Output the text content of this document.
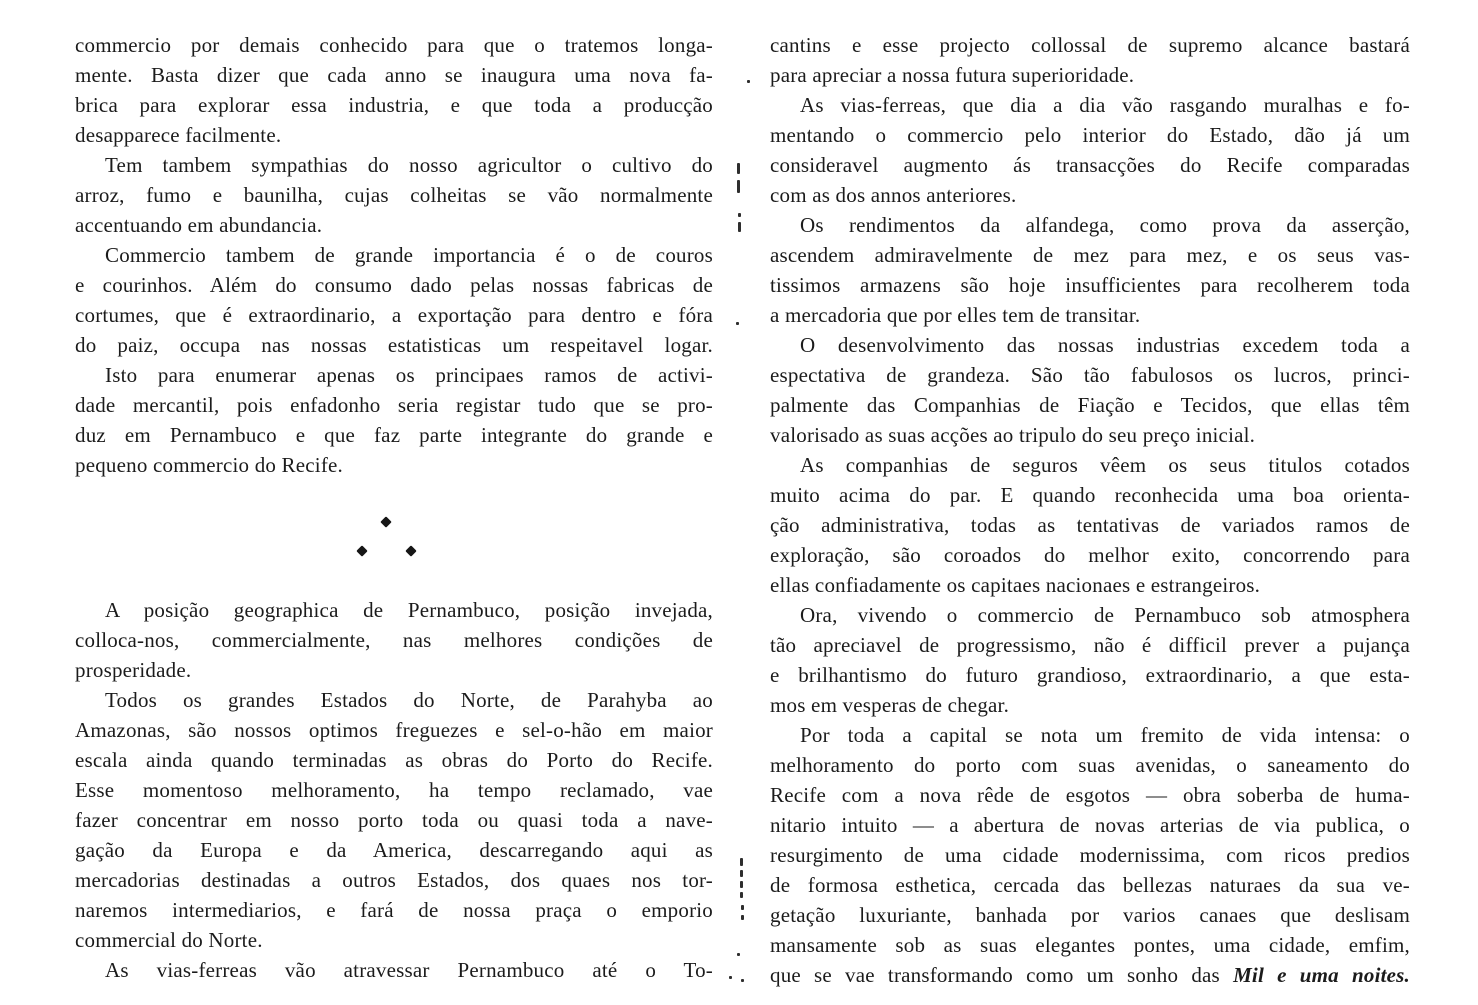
commercio por demais conhecido para que o tratemos longa-
mente. Basta dizer que cada anno se inaugura uma nova fa-
brica para explorar essa industria, e que toda a producção
desapparece facilmente.
Tem tambem sympathias do nosso agricultor o cultivo do
arroz, fumo e baunilha, cujas colheitas se vão normalmente
accentuando em abundancia.
Commercio tambem de grande importancia é o de couros
e courinhos. Além do consumo dado pelas nossas fabricas de
cortumes, que é extraordinario, a exportação para dentro e fóra
do paiz, occupa nas nossas estatisticas um respeitavel logar.
Isto para enumerar apenas os principaes ramos de activi-
dade mercantil, pois enfadonho seria registar tudo que se pro-
duz em Pernambuco e que faz parte integrante do grande e
pequeno commercio do Recife.
A posição geographica de Pernambuco, posição invejada,
colloca-nos, commercialmente, nas melhores condições de
prosperidade.
Todos os grandes Estados do Norte, de Parahyba ao
Amazonas, são nossos optimos freguezes e sel-o-hão em maior
escala ainda quando terminadas as obras do Porto do Recife.
Esse momentoso melhoramento, ha tempo reclamado, vae
fazer concentrar em nosso porto toda ou quasi toda a nave-
gação da Europa e da America, descarregando aqui as
mercadorias destinadas a outros Estados, dos quaes nos tor-
naremos intermediarios, e fará de nossa praça o emporio
commercial do Norte.
As vias-ferreas vão atravessar Pernambuco até o To-
cantins e esse projecto collossal de supremo alcance bastará
para apreciar a nossa futura superioridade.
As vias-ferreas, que dia a dia vão rasgando muralhas e fo-
mentando o commercio pelo interior do Estado, dão já um
consideravel augmento ás transacções do Recife comparadas
com as dos annos anteriores.
Os rendimentos da alfandega, como prova da asserção,
ascendem admiravelmente de mez para mez, e os seus vas-
tissimos armazens são hoje insufficientes para recolherem toda
a mercadoria que por elles tem de transitar.
O desenvolvimento das nossas industrias excedem toda a
espectativa de grandeza. São tão fabulosos os lucros, princi-
palmente das Companhias de Fiação e Tecidos, que ellas têm
valorisado as suas acções ao tripulo do seu preço inicial.
As companhias de seguros vêem os seus titulos cotados
muito acima do par. E quando reconhecida uma boa orienta-
ção administrativa, todas as tentativas de variados ramos de
exploração, são coroados do melhor exito, concorrendo para
ellas confiadamente os capitaes nacionaes e estrangeiros.
Ora, vivendo o commercio de Pernambuco sob atmosphera
tão apreciavel de progressismo, não é difficil prever a pujança
e brilhantismo do futuro grandioso, extraordinario, a que esta-
mos em vesperas de chegar.
Por toda a capital se nota um fremito de vida intensa: o
melhoramento do porto com suas avenidas, o saneamento do
Recife com a nova rêde de esgotos — obra soberba de huma-
nitario intuito — a abertura de novas arterias de via publica, o
resurgimento de uma cidade modernissima, com ricos predios
de formosa esthetica, cercada das bellezas naturaes da sua ve-
getação luxuriante, banhada por varios canaes que deslisam
mansamente sob as suas elegantes pontes, uma cidade, emfim,
que se vae transformando como um sonho das Mil e uma noites.
